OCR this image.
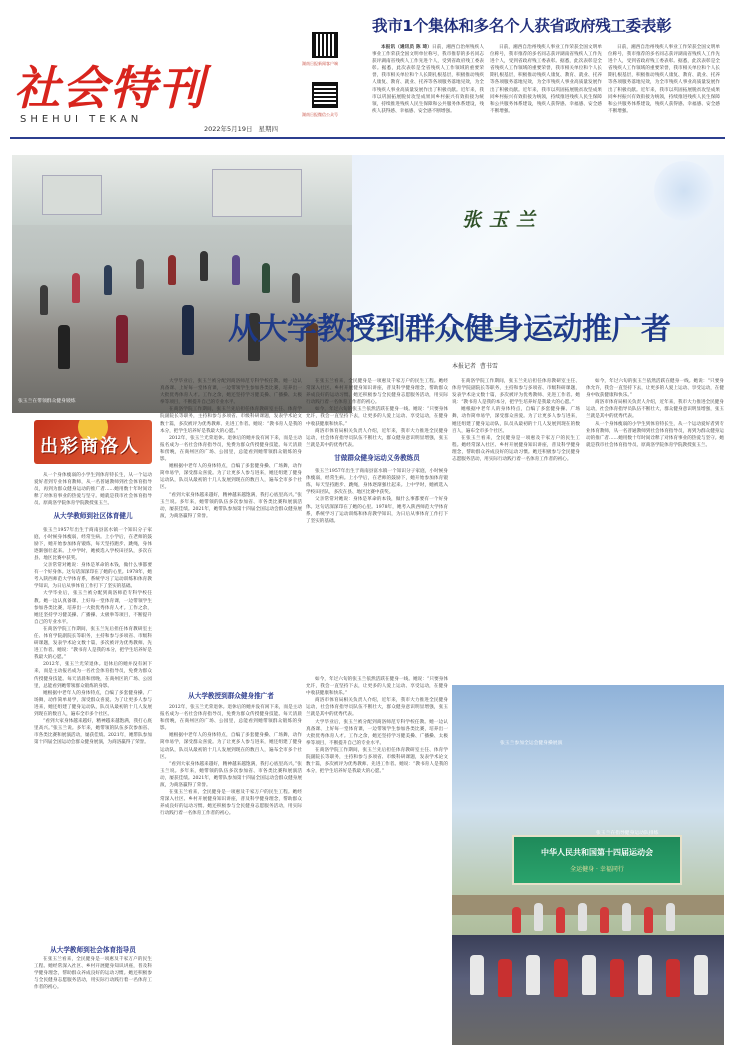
社会特刊
SHEHUI TEKAN
湖南日报新闻客户端
湖南日报微信公众号
2022年5月19日 星期四
我市1个集体和多名个人获省政府残工委表彰

本报讯（通讯员 陈 琦）日前，湘西自治州残疾人事业工作荣获全国文明单位称号，我市推荐的多名同志获评湖南省残疾人工作先进个人，受到省政府残工委表彰。据悉，此次表彰是全省残疾人工作领域的重要荣誉，我市相关单位和个人长期扎根基层，积极推动残疾人康复、教育、就业、托养等各项服务落地见效，为全市残疾人事业高质量发展作出了积极贡献。近年来，我市以巩固拓展脱贫攻坚成果同乡村振兴有效衔接为统领，持续推进残疾人民生保障和公共服务体系建设，残疾人获得感、幸福感、安全感不断增强。

日前，湘西自治州残疾人事业工作荣获全国文明单位称号，我市推荐的多名同志获评湖南省残疾人工作先进个人，受到省政府残工委表彰。据悉，此次表彰是全省残疾人工作领域的重要荣誉，我市相关单位和个人长期扎根基层，积极推动残疾人康复、教育、就业、托养等各项服务落地见效，为全市残疾人事业高质量发展作出了积极贡献。近年来，我市以巩固拓展脱贫攻坚成果同乡村振兴有效衔接为统领，持续推进残疾人民生保障和公共服务体系建设，残疾人获得感、幸福感、安全感不断增强。

日前，湘西自治州残疾人事业工作荣获全国文明单位称号，我市推荐的多名同志获评湖南省残疾人工作先进个人，受到省政府残工委表彰。据悉，此次表彰是全省残疾人工作领域的重要荣誉，我市相关单位和个人长期扎根基层，积极推动残疾人康复、教育、就业、托养等各项服务落地见效，为全市残疾人事业高质量发展作出了积极贡献。近年来，我市以巩固拓展脱贫攻坚成果同乡村振兴有效衔接为统领，持续推进残疾人民生保障和公共服务体系建设，残疾人获得感、幸福感、安全感不断增强。

张玉兰在带领群众健身锻炼
张玉兰
从大学教授到群众健身运动推广者
本报记者  曹书雪
出彩商洛人

从一个身体瘦弱的小学生到体育特长生，从一个运动爱好者到专业体育教师，从一名普通教师到社会体育指导员，再到为群众健身运动的推广者……她用数十年时间诠释了对体育事业的热爱与坚守。她就是我市社会体育指导员、原商洛学院体育学院教授张玉兰。

从大学教师到社区体育健儿

张玉兰1957年出生于商南县富水镇一个知识分子家庭，小时候身体瘦弱，经常生病。上小学后，在老师的鼓励下，她开始参加体育锻炼，每天坚持跑步、跳绳，身体逐渐强壮起来。上中学时，她被选入学校田径队，多次在县、地区比赛中获奖。

父亲常常对她说：身体是革命的本钱，做什么事都要有一个好身体。这句话深深印在了她的心里。1978年，她考入陕西师范大学体育系，系统学习了运动训练和体育教学知识，为日后从事体育工作打下了坚实的基础。

大学毕业后，张玉兰被分配到商洛师范专科学校任教。她一边认真备课、上好每一堂体育课，一边带领学生参加各类比赛，培养出一大批优秀体育人才。工作之余，她还坚持学习健美操、广播操、太极拳等项目，不断提升自己的专业水平。

在商洛学院工作期间，张玉兰先后担任体育教研室主任、体育学院副院长等职务，主持和参与多项省、市级科研课题，发表学术论文数十篇，多次被评为优秀教师、先进工作者。她说：“教书育人是我的本分，把学生培养好是我最大的心愿。”

2012年，张玉兰光荣退休。退休后的她并没有闲下来，而是主动报名成为一名社会体育指导员，免费为群众传授健身技能。每天清晨和傍晚，在商州区的广场、公园里，总能看到她带领群众锻炼的身影。

她根据中老年人的身体特点，自编了多套健身操、广场舞，动作简单易学，深受群众喜爱。为了让更多人参与进来，她还组建了健身运动队，队员从最初的十几人发展到现在的数百人，遍布全市多个社区。

“看到大家身体越来越好，精神越来越饱满，我打心底里高兴。”张玉兰说。多年来，她带领的队伍多次参加省、市各类比赛和展演活动，屡获佳绩。2021年，她带队参加第十四届全国运动会群众健身展演，为商洛赢得了荣誉。

从大学教师到社会体育指导员

在张玉兰看来，全民健身是一项惠及千家万户的民生工程。她经常深入社区、乡村开展健身知识讲座，普及科学健身理念，帮助群众养成良好的运动习惯。她还积极参与全民健身志愿服务活动，用实际行动践行着一名体育工作者的初心。

大学毕业后，张玉兰被分配到商洛师范专科学校任教。她一边认真备课、上好每一堂体育课，一边带领学生参加各类比赛，培养出一大批优秀体育人才。工作之余，她还坚持学习健美操、广播操、太极拳等项目，不断提升自己的专业水平。

在商洛学院工作期间，张玉兰先后担任体育教研室主任、体育学院副院长等职务，主持和参与多项省、市级科研课题，发表学术论文数十篇，多次被评为优秀教师、先进工作者。她说：“教书育人是我的本分，把学生培养好是我最大的心愿。”

2012年，张玉兰光荣退休。退休后的她并没有闲下来，而是主动报名成为一名社会体育指导员，免费为群众传授健身技能。每天清晨和傍晚，在商州区的广场、公园里，总能看到她带领群众锻炼的身影。

她根据中老年人的身体特点，自编了多套健身操、广场舞，动作简单易学，深受群众喜爱。为了让更多人参与进来，她还组建了健身运动队，队员从最初的十几人发展到现在的数百人，遍布全市多个社区。

“看到大家身体越来越好，精神越来越饱满，我打心底里高兴。”张玉兰说。多年来，她带领的队伍多次参加省、市各类比赛和展演活动，屡获佳绩。2021年，她带队参加第十四届全国运动会群众健身展演，为商洛赢得了荣誉。

在张玉兰看来，全民健身是一项惠及千家万户的民生工程。她经常深入社区、乡村开展健身知识讲座，普及科学健身理念，帮助群众养成良好的运动习惯。她还积极参与全民健身志愿服务活动，用实际行动践行着一名体育工作者的初心。

如今，年过六旬的张玉兰依然活跃在健身一线。她说：“只要身体允许，我会一直坚持下去，让更多的人爱上运动、享受运动，在健身中收获健康和快乐。”

商洛市体育局相关负责人介绍，近年来，我市大力推进全民健身运动，社会体育指导员队伍不断壮大，群众健身意识明显增强，张玉兰就是其中的优秀代表。

甘做群众健身运动义务教练员

张玉兰1957年出生于商南县富水镇一个知识分子家庭，小时候身体瘦弱，经常生病。上小学后，在老师的鼓励下，她开始参加体育锻炼，每天坚持跑步、跳绳，身体逐渐强壮起来。上中学时，她被选入学校田径队，多次在县、地区比赛中获奖。

父亲常常对她说：身体是革命的本钱，做什么事都要有一个好身体。这句话深深印在了她的心里。1978年，她考入陕西师范大学体育系，系统学习了运动训练和体育教学知识，为日后从事体育工作打下了坚实的基础。

在商洛学院工作期间，张玉兰先后担任体育教研室主任、体育学院副院长等职务，主持和参与多项省、市级科研课题，发表学术论文数十篇，多次被评为优秀教师、先进工作者。她说：“教书育人是我的本分，把学生培养好是我最大的心愿。”

她根据中老年人的身体特点，自编了多套健身操、广场舞，动作简单易学，深受群众喜爱。为了让更多人参与进来，她还组建了健身运动队，队员从最初的十几人发展到现在的数百人，遍布全市多个社区。

在张玉兰看来，全民健身是一项惠及千家万户的民生工程。她经常深入社区、乡村开展健身知识讲座，普及科学健身理念，帮助群众养成良好的运动习惯。她还积极参与全民健身志愿服务活动，用实际行动践行着一名体育工作者的初心。

如今，年过六旬的张玉兰依然活跃在健身一线。她说：“只要身体允许，我会一直坚持下去，让更多的人爱上运动、享受运动，在健身中收获健康和快乐。”

商洛市体育局相关负责人介绍，近年来，我市大力推进全民健身运动，社会体育指导员队伍不断壮大，群众健身意识明显增强，张玉兰就是其中的优秀代表。

从一个身体瘦弱的小学生到体育特长生，从一个运动爱好者到专业体育教师，从一名普通教师到社会体育指导员，再到为群众健身运动的推广者……她用数十年时间诠释了对体育事业的热爱与坚守。她就是我市社会体育指导员、原商洛学院体育学院教授张玉兰。

从大学教授到群众健身推广者

2012年，张玉兰光荣退休。退休后的她并没有闲下来，而是主动报名成为一名社会体育指导员，免费为群众传授健身技能。每天清晨和傍晚，在商州区的广场、公园里，总能看到她带领群众锻炼的身影。

她根据中老年人的身体特点，自编了多套健身操、广场舞，动作简单易学，深受群众喜爱。为了让更多人参与进来，她还组建了健身运动队，队员从最初的十几人发展到现在的数百人，遍布全市多个社区。

“看到大家身体越来越好，精神越来越饱满，我打心底里高兴。”张玉兰说。多年来，她带领的队伍多次参加省、市各类比赛和展演活动，屡获佳绩。2021年，她带队参加第十四届全国运动会群众健身展演，为商洛赢得了荣誉。

在张玉兰看来，全民健身是一项惠及千家万户的民生工程。她经常深入社区、乡村开展健身知识讲座，普及科学健身理念，帮助群众养成良好的运动习惯。她还积极参与全民健身志愿服务活动，用实际行动践行着一名体育工作者的初心。

如今，年过六旬的张玉兰依然活跃在健身一线。她说：“只要身体允许，我会一直坚持下去，让更多的人爱上运动、享受运动，在健身中收获健康和快乐。”

商洛市体育局相关负责人介绍，近年来，我市大力推进全民健身运动，社会体育指导员队伍不断壮大，群众健身意识明显增强，张玉兰就是其中的优秀代表。

大学毕业后，张玉兰被分配到商洛师范专科学校任教。她一边认真备课、上好每一堂体育课，一边带领学生参加各类比赛，培养出一大批优秀体育人才。工作之余，她还坚持学习健美操、广播操、太极拳等项目，不断提升自己的专业水平。

在商洛学院工作期间，张玉兰先后担任体育教研室主任、体育学院副院长等职务，主持和参与多项省、市级科研课题，发表学术论文数十篇，多次被评为优秀教师、先进工作者。她说：“教书育人是我的本分，把学生培养好是我最大的心愿。”

中华人民共和国第十四届运动会
全运健身 · 幸福同行
张玉兰参加全运会健身操展演
张玉兰在指导健身运动队排练
